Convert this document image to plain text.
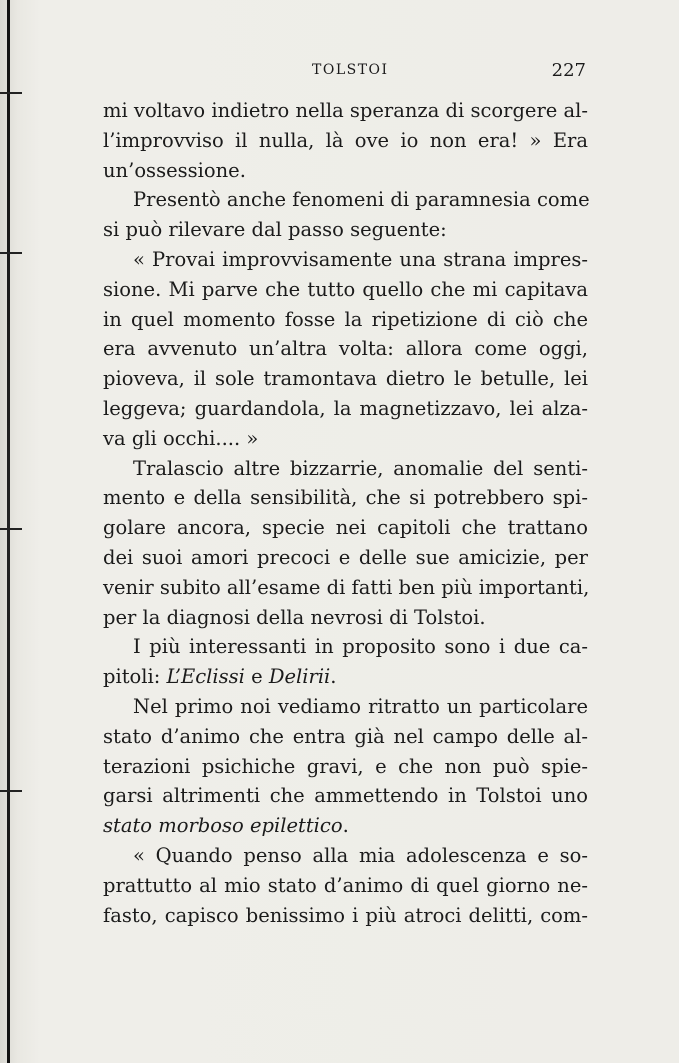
TOLSTOI	227
mi voltavo indietro nella speranza di scorgere al-
l’improvviso il nulla, là ove io non era! » Era
un’ossessione.
Presentò anche fenomeni di paramnesia come
si può rilevare dal passo seguente:
« Provai improvvisamente una strana impres-
sione. Mi parve che tutto quello che mi capitava
in quel momento fosse la ripetizione di ciò che
era avvenuto un’altra volta: allora come oggi,
pioveva, il sole tramontava dietro le betulle, lei
leggeva; guardandola, la magnetizzavo, lei alza-
va gli occhi.... »
Tralascio altre bizzarrie, anomalie del senti-
mento e della sensibilità, che si potrebbero spi-
golare ancora, specie nei capitoli che trattano
dei suoi amori precoci e delle sue amicizie, per
venir subito all’esame di fatti ben più importanti,
per la diagnosi della nevrosi di Tolstoi.
I più interessanti in proposito sono i due ca-
pitoli: L’Eclissi e Delirii.
Nel primo noi vediamo ritratto un particolare
stato d’animo che entra già nel campo delle al-
terazioni psichiche gravi, e che non può spie-
garsi altrimenti che ammettendo in Tolstoi uno
stato morboso epilettico.
« Quando penso alla mia adolescenza e so-
prattutto al mio stato d’animo di quel giorno ne-
fasto, capisco benissimo i più atroci delitti, com-
